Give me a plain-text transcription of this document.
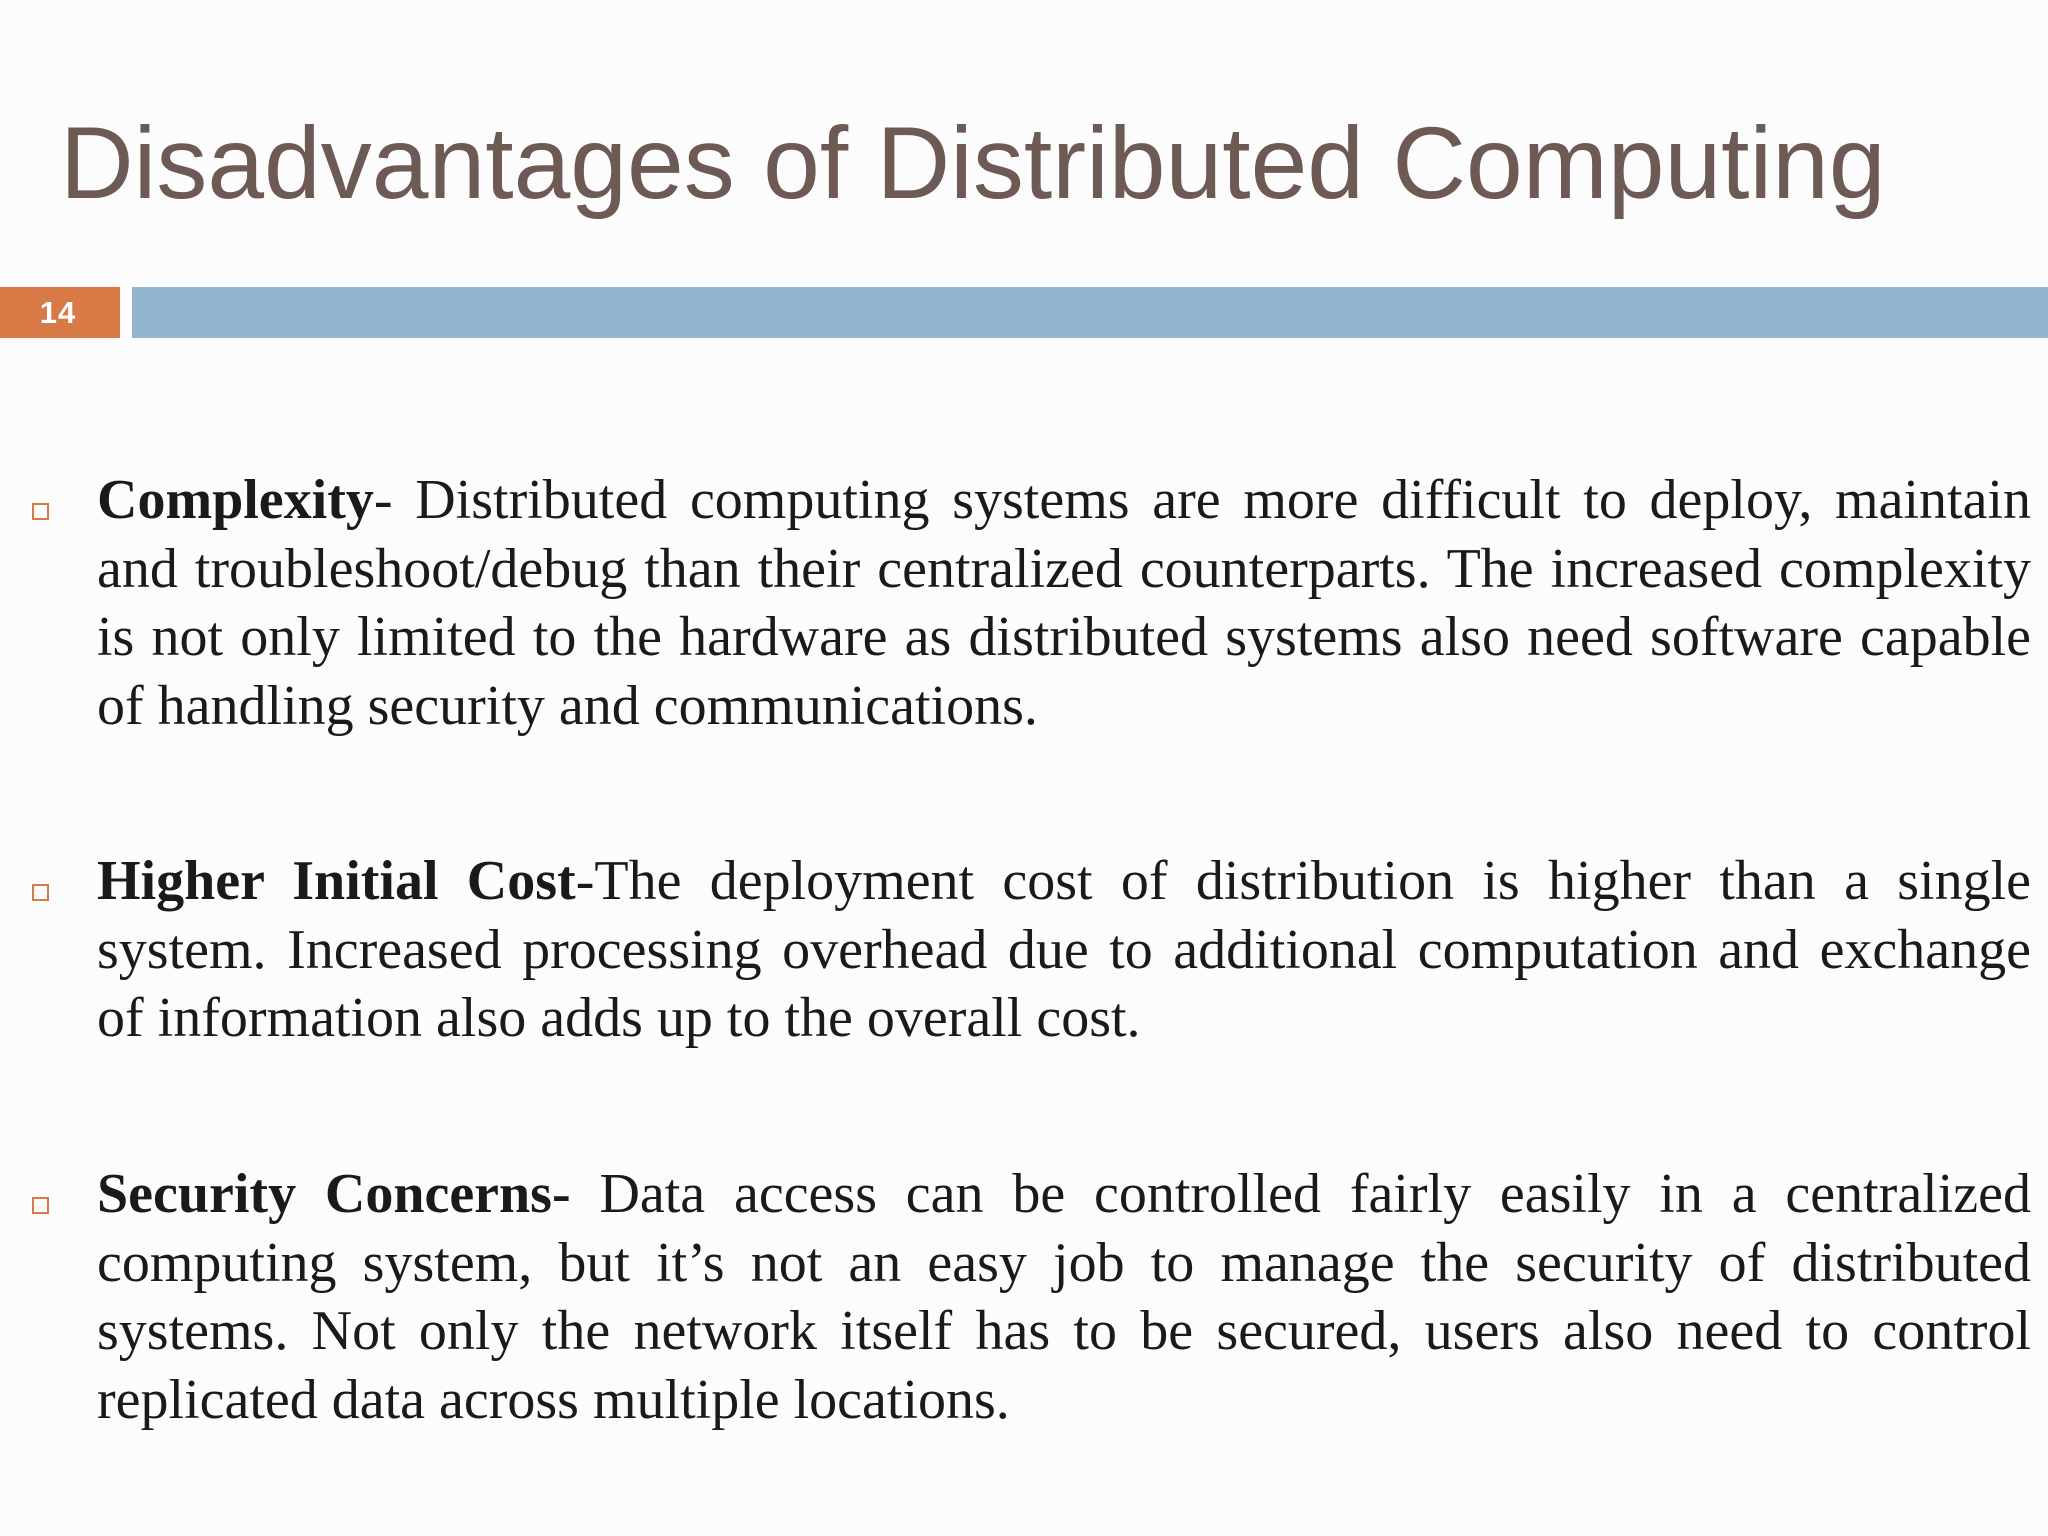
Disadvantages of Distributed Computing
14

Complexity- Distributed computing systems are more difficult to deploy, maintain and troubleshoot/debug than their centralized counterparts. The increased complexity is not only limited to the hardware as distributed systems also need software capable of handling security and communications.

Higher Initial Cost-The deployment cost of distribution is higher than a single system. Increased processing overhead due to additional computation and exchange of information also adds up to the overall cost.

Security Concerns- Data access can be controlled fairly easily in a centralized computing system, but it’s not an easy job to manage the security of distributed systems. Not only the network itself has to be secured, users also need to control replicated data across multiple locations.
